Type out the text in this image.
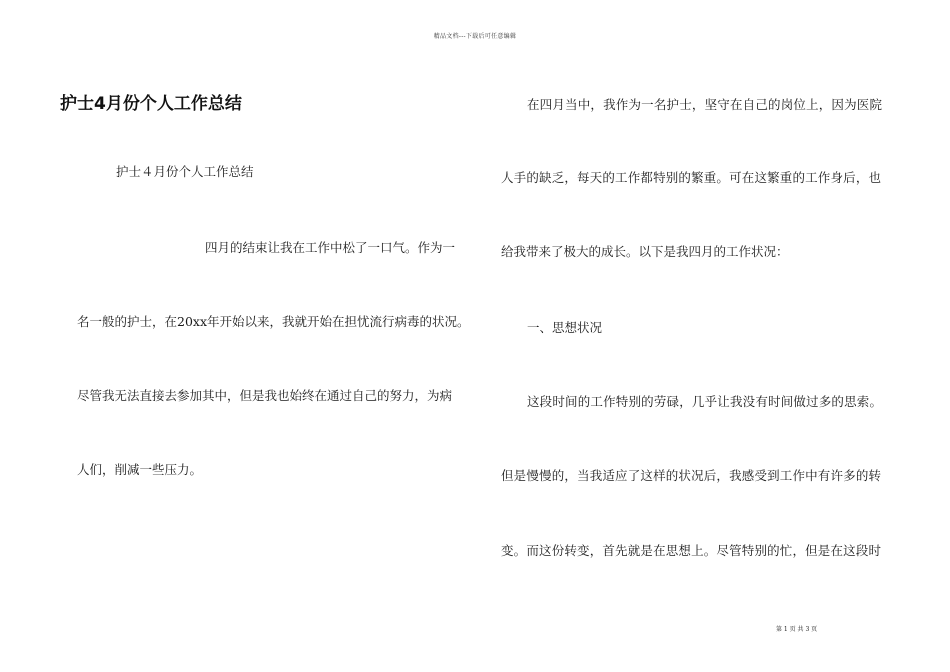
精品文档---下载后可任意编辑
护士4月份个人工作总结
护士４月份个人工作总结
四月的结束让我在工作中松了一口气。作为一
名一般的护士，在20xx年开始以来，我就开始在担忧流行病毒的状况。
尽管我无法直接去参加其中，但是我也始终在通过自己的努力，为病
人们，削减一些压力。
在四月当中，我作为一名护士，坚守在自己的岗位上，因为医院
人手的缺乏，每天的工作都特别的繁重。可在这繁重的工作身后，也
给我带来了极大的成长。以下是我四月的工作状况：
一、思想状况
这段时间的工作特别的劳碌，几乎让我没有时间做过多的思索。
但是慢慢的，当我适应了这样的状况后，我感受到工作中有许多的转
变。而这份转变，首先就是在思想上。尽管特别的忙，但是在这段时
第 1 页 共 3 页
